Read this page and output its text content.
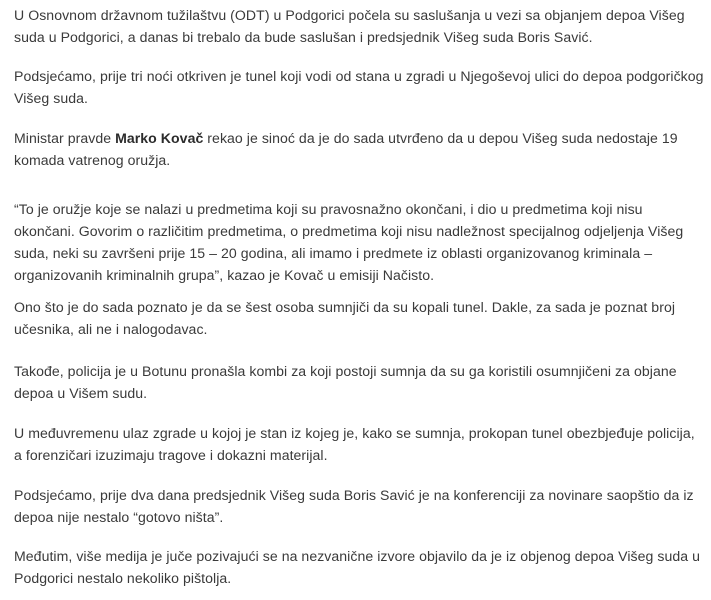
U Osnovnom državnom tužilaštvu (ODT) u Podgorici počela su saslušanja u vezi sa objanjem depoa Višeg suda u Podgorici, a danas bi trebalo da bude saslušan i predsjednik Višeg suda Boris Savić.

Podsjećamo, prije tri noći otkriven je tunel koji vodi od stana u zgradi u Njegoševoj ulici do depoa podgoričkog Višeg suda.

Ministar pravde Marko Kovač rekao je sinoć da je do sada utvrđeno da u depou Višeg suda nedostaje 19 komada vatrenog oružja.

“To je oružje koje se nalazi u predmetima koji su pravosnažno okončani, i dio u predmetima koji nisu okončani. Govorim o različitim predmetima, o predmetima koji nisu nadležnost specijalnog odjeljenja Višeg suda, neki su završeni prije 15 – 20 godina, ali imamo i predmete iz oblasti organizovanog kriminala – organizovanih kriminalnih grupa”, kazao je Kovač u emisiji Načisto.

Ono što je do sada poznato je da se šest osoba sumnjiči da su kopali tunel. Dakle, za sada je poznat broj učesnika, ali ne i nalogodavac.

Takođe, policija je u Botunu pronašla kombi za koji postoji sumnja da su ga koristili osumnjičeni za objane depoa u Višem sudu.

U međuvremenu ulaz zgrade u kojoj je stan iz kojeg je, kako se sumnja, prokopan tunel obezbjeđuje policija, a forenzičari izuzimaju tragove i dokazni materijal.

Podsjećamo, prije dva dana predsjednik Višeg suda Boris Savić je na konferenciji za novinare saopštio da iz depoa nije nestalo “gotovo ništa”.

Međutim, više medija je juče pozivajući se na nezvanične izvore objavilo da je iz objenog depoa Višeg suda u Podgorici nestalo nekoliko pištolja.
